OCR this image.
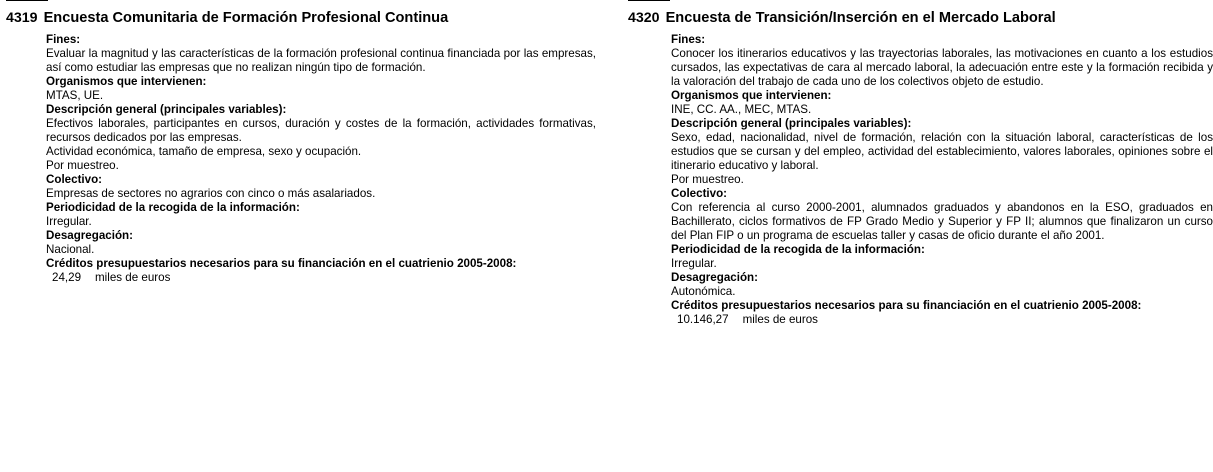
4319 Encuesta Comunitaria de Formación Profesional Continua
Fines:
Evaluar la magnitud y las características de la formación profesional continua financiada por las empresas, así como estudiar las empresas que no realizan ningún tipo de formación.
Organismos que intervienen:
MTAS, UE.
Descripción general (principales variables):
Efectivos laborales, participantes en cursos, duración y costes de la formación, actividades formativas, recursos dedicados por las empresas.
Actividad económica, tamaño de empresa, sexo y ocupación.
Por muestreo.
Colectivo:
Empresas de sectores no agrarios con cinco o más asalariados.
Periodicidad de la recogida de la información:
Irregular.
Desagregación:
Nacional.
Créditos presupuestarios necesarios para su financiación en el cuatrienio 2005-2008:
24,29 miles de euros
4320 Encuesta de Transición/Inserción en el Mercado Laboral
Fines:
Conocer los itinerarios educativos y las trayectorias laborales, las motivaciones en cuanto a los estudios cursados, las expectativas de cara al mercado laboral, la adecuación entre este y la formación recibida y la valoración del trabajo de cada uno de los colectivos objeto de estudio.
Organismos que intervienen:
INE, CC. AA., MEC, MTAS.
Descripción general (principales variables):
Sexo, edad, nacionalidad, nivel de formación, relación con la situación laboral, características de los estudios que se cursan y del empleo, actividad del establecimiento, valores laborales, opiniones sobre el itinerario educativo y laboral.
Por muestreo.
Colectivo:
Con referencia al curso 2000-2001, alumnados graduados y abandonos en la ESO, graduados en Bachillerato, ciclos formativos de FP Grado Medio y Superior y FP II; alumnos que finalizaron un curso del Plan FIP o un programa de escuelas taller y casas de oficio durante el año 2001.
Periodicidad de la recogida de la información:
Irregular.
Desagregación:
Autonómica.
Créditos presupuestarios necesarios para su financiación en el cuatrienio 2005-2008:
10.146,27 miles de euros
